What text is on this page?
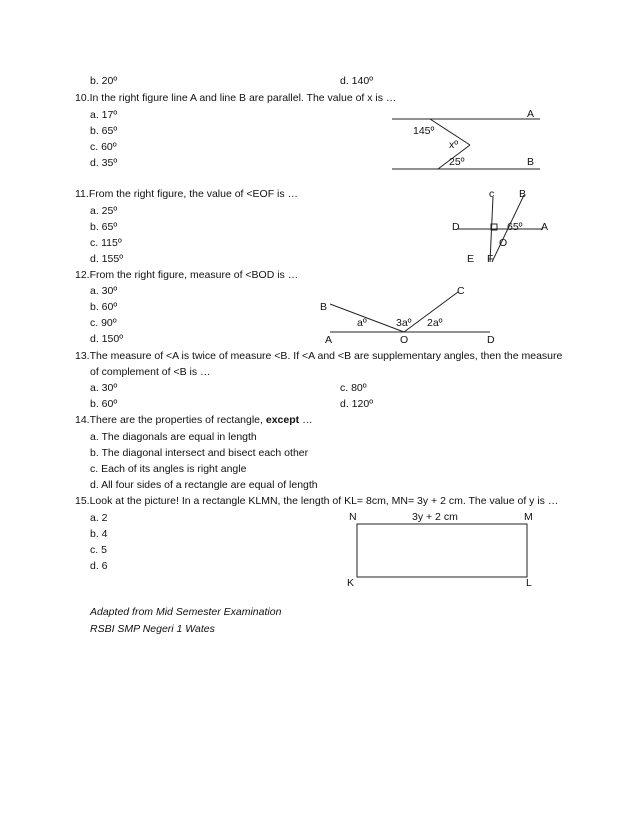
b. 20º	d. 140º
10.In the right figure line A and line B are parallel. The value of x is …
a. 17º
b. 65º
c. 60º
d. 35º
11.From the right figure, the value of <EOF is …
a. 25º
b. 65º
c. 115º
d. 155º
12.From the right figure, measure of <BOD is …
a. 30º
b. 60º
c. 90º
d. 150º
13.The measure of <A is twice of measure <B. If <A and <B are supplementary angles, then the measure
of complement of <B is …
a. 30º	c. 80º
b. 60º	d. 120º
14.There are the properties of rectangle, except …
a. The diagonals are equal in length
b. The diagonal intersect and bisect each other
c. Each of its angles is right angle
d. All four sides of a rectangle are equal of length
15.Look at the picture! In a rectangle KLMN, the length of KL= 8cm, MN= 3y + 2 cm. The value of y is …
a. 2
b. 4
c. 5
d. 6
Adapted from Mid Semester Examination
RSBI SMP Negeri 1 Wates
A
145º
xº
25º	B
c B
D	65º A
O
E F
C
B
aº	3aº 2aº
A	O	D
N	3y + 2 cm	M
K	L
